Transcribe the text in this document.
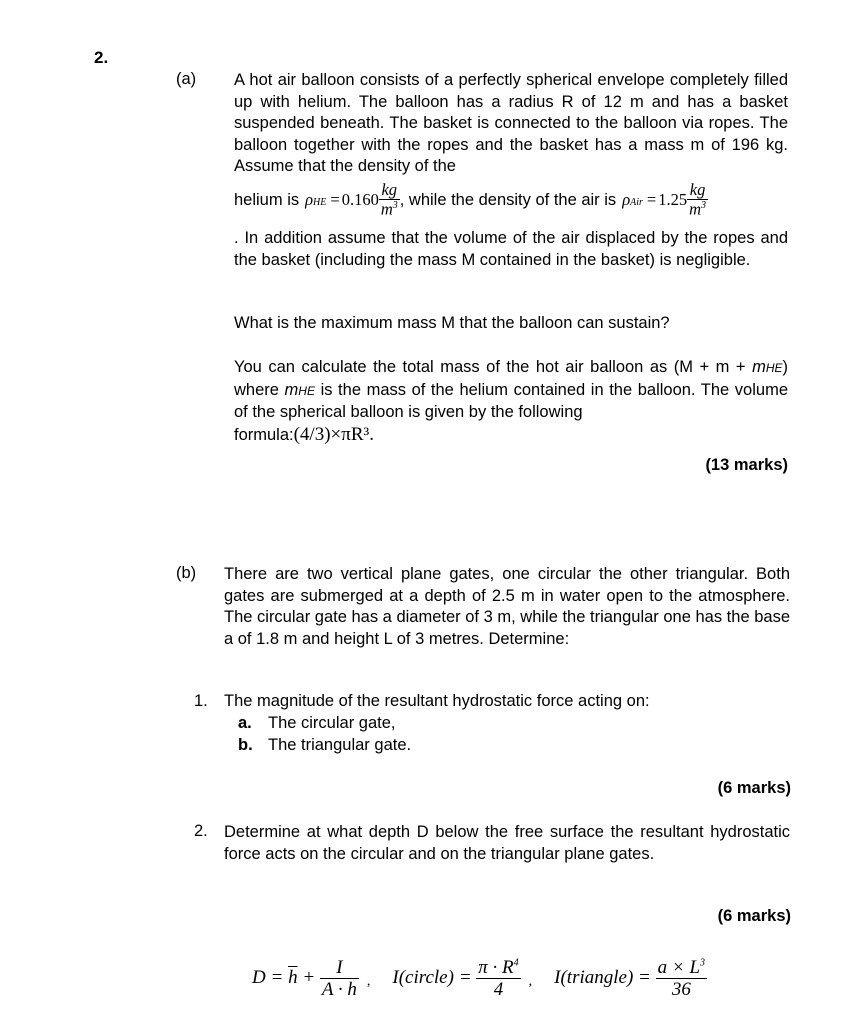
2.
(a) A hot air balloon consists of a perfectly spherical envelope completely filled up with helium. The balloon has a radius R of 12 m and has a basket suspended beneath. The basket is connected to the balloon via ropes. The balloon together with the ropes and the basket has a mass m of 196 kg. Assume that the density of the
helium is $\rho HE = 0.160 \frac{kg}{m^3}$ , while the density of the air is $\rho Air = 1.25 \frac{kg}{m^3}$
. In addition assume that the volume of the air displaced by the ropes and the basket (including the mass M contained in the basket) is negligible.
What is the maximum mass M that the balloon can sustain?
You can calculate the total mass of the hot air balloon as (M + m + mHE) where mHE is the mass of the helium contained in the balloon. The volume of the spherical balloon is given by the following
formula:(4/3)×πR³.
(13 marks)
(b) There are two vertical plane gates, one circular the other triangular. Both gates are submerged at a depth of 2.5 m in water open to the atmosphere. The circular gate has a diameter of 3 m, while the triangular one has the base a of 1.8 m and height L of 3 metres. Determine:
1. The magnitude of the resultant hydrostatic force acting on:
a. The circular gate,
b. The triangular gate.
(6 marks)
2. Determine at what depth D below the free surface the resultant hydrostatic force acts on the circular and on the triangular plane gates.
(6 marks)
$D = \overline{h} + \frac{I}{A \cdot \overline{h}}$ , I(circle) = $\frac{\pi \cdot R^4}{4}$ , I(triangle) = $\frac{a \times L^3}{36}$
